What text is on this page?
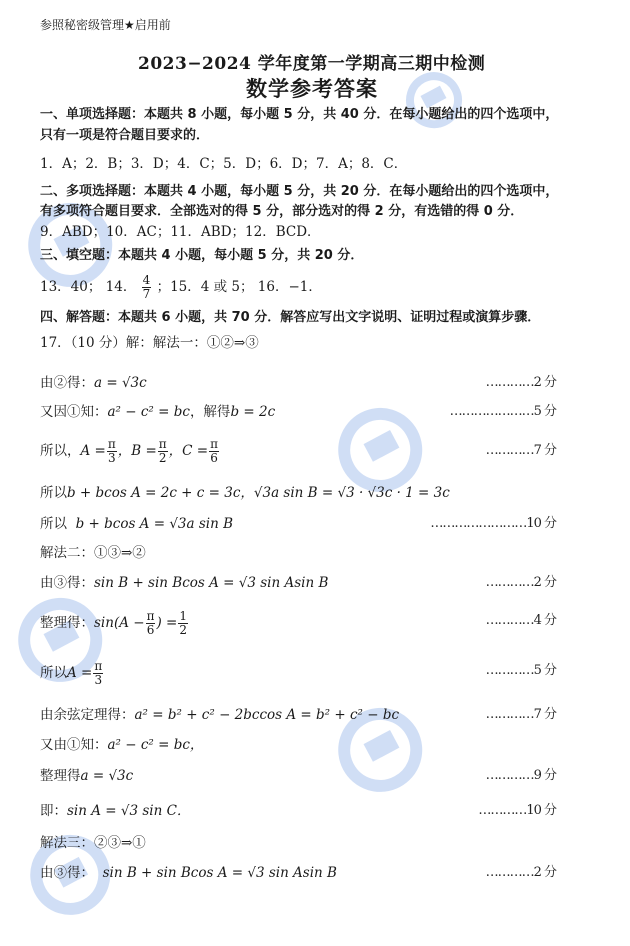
参照秘密级管理★启用前
2023−2024 学年度第一学期高三期中检测
数学参考答案
一、单项选择题：本题共 8 小题，每小题 5 分，共 40 分．在每小题给出的四个选项中，
只有一项是符合题目要求的．
1．A；2．B；3．D；4．C；5．D；6．D；7．A；8．C．
二、多项选择题：本题共 4 小题，每小题 5 分，共 20 分．在每小题给出的四个选项中，
有多项符合题目要求．全部选对的得 5 分，部分选对的得 2 分，有选错的得 0 分．
9．ABD；10．AC；11．ABD；12．BCD．
三、填空题：本题共 4 小题，每小题 5 分，共 20 分．
13．40； 14． $\frac{4}{7}$ ；15．4 或 5； 16．−1．
四、解答题：本题共 6 小题，共 70 分．解答应写出文字说明、证明过程或演算步骤．
17．（10 分）解：解法一：①②⇒③
由②得：a = √3c	…………2 分
又因①知：a² − c² = bc，解得b = 2c	…………………5 分
所以，$A = \frac{\pi}{3}$ ，$B = \frac{\pi}{2}$ ，$C = \frac{\pi}{6}$	…………7 分
所以b + bcos A = 2c + c = 3c，√3a sin B = √3 · √3c · 1 = 3c
所以 b + bcos A = √3a sin B	……………………10 分
解法二：①③⇒②
由③得：sin B + sin Bcos A = √3 sin Asin B	…………2 分
整理得：$\sin(A - \frac{\pi}{6}$ ) = $\frac{1}{2}$	…………4 分
所以$A = \frac{\pi}{3}$	…………5 分
由余弦定理得：a² = b² + c² − 2bccos A = b² + c² − bc	…………7 分
又由①知：a² − c² = bc，
整理得a = √3c	…………9 分
即：sin A = √3 sin C．	…………10 分
解法三：②③⇒①
由③得： sin B + sin Bcos A = √3 sin Asin B	…………2 分
